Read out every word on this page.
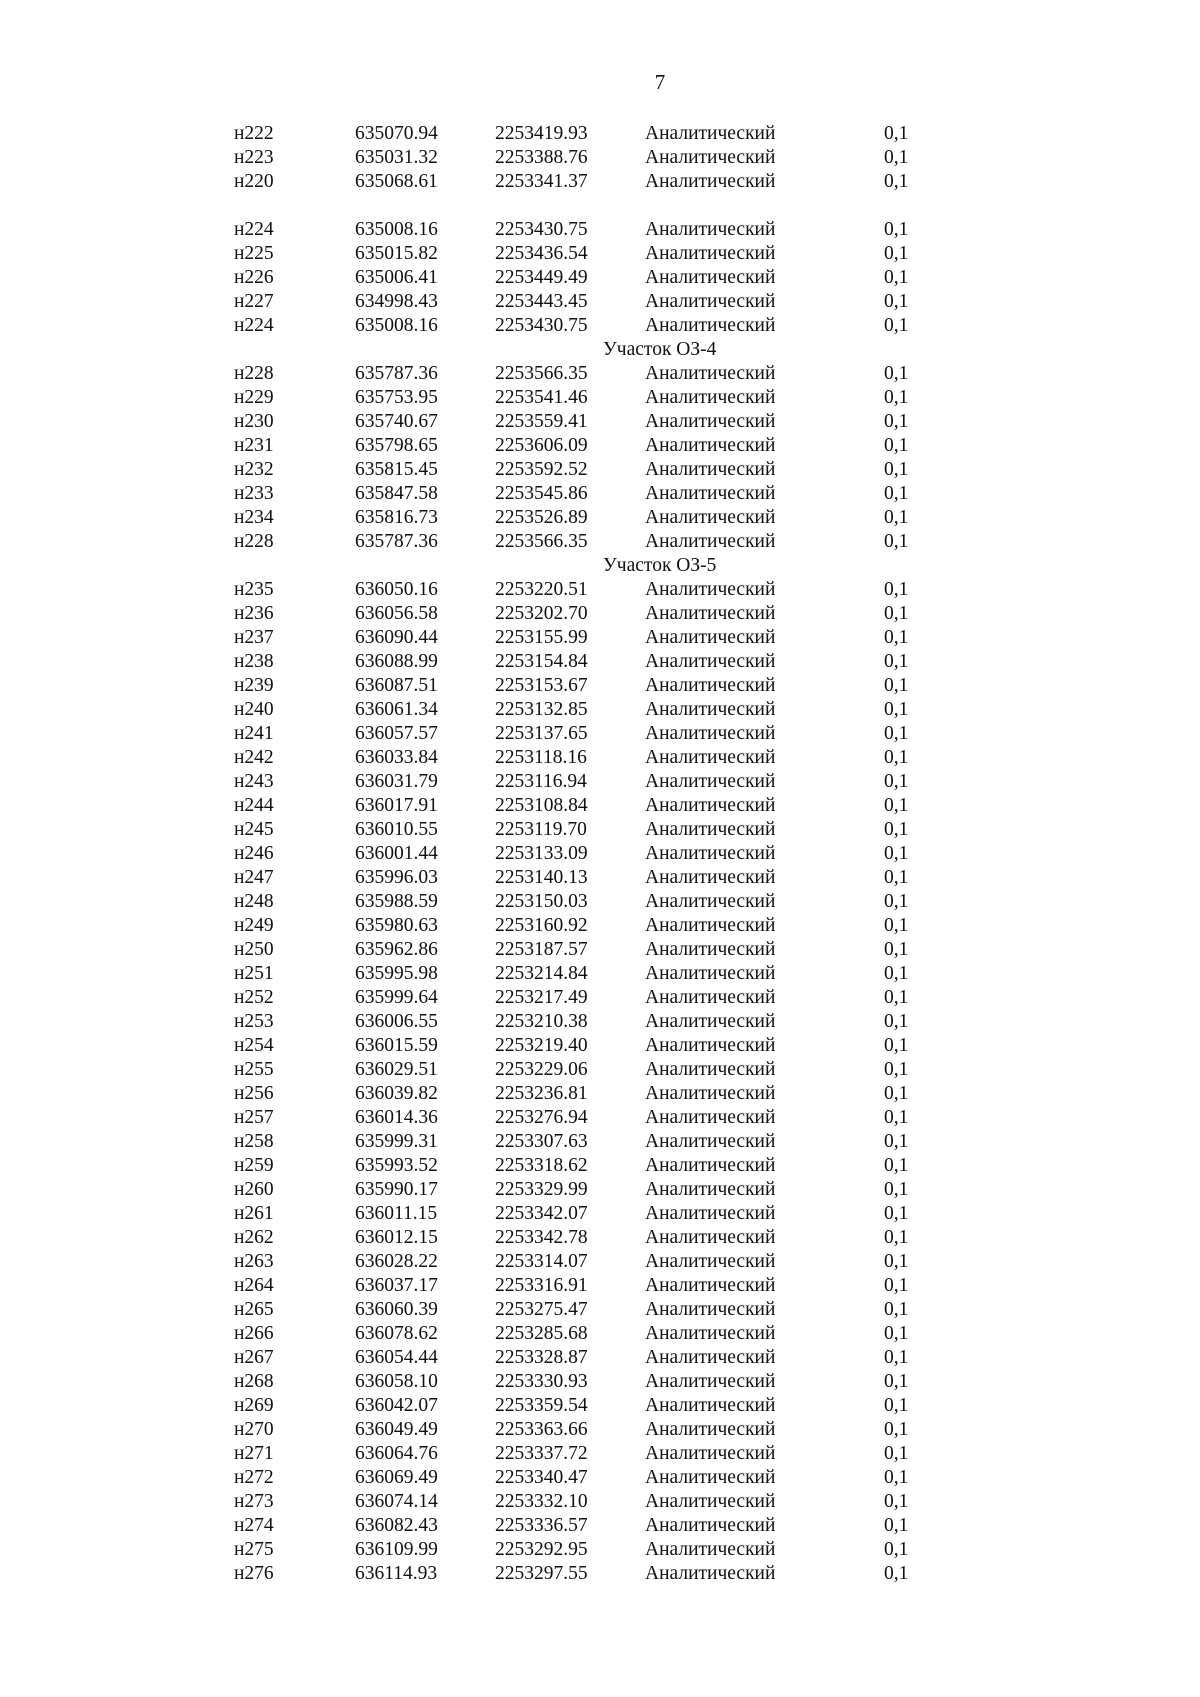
7
н222	635070.94	2253419.93	Аналитический	0,1
н223	635031.32	2253388.76	Аналитический	0,1
н220	635068.61	2253341.37	Аналитический	0,1
н224	635008.16	2253430.75	Аналитический	0,1
н225	635015.82	2253436.54	Аналитический	0,1
н226	635006.41	2253449.49	Аналитический	0,1
н227	634998.43	2253443.45	Аналитический	0,1
н224	635008.16	2253430.75	Аналитический	0,1
Участок ОЗ-4
н228	635787.36	2253566.35	Аналитический	0,1
н229	635753.95	2253541.46	Аналитический	0,1
н230	635740.67	2253559.41	Аналитический	0,1
н231	635798.65	2253606.09	Аналитический	0,1
н232	635815.45	2253592.52	Аналитический	0,1
н233	635847.58	2253545.86	Аналитический	0,1
н234	635816.73	2253526.89	Аналитический	0,1
н228	635787.36	2253566.35	Аналитический	0,1
Участок ОЗ-5
н235	636050.16	2253220.51	Аналитический	0,1
н236	636056.58	2253202.70	Аналитический	0,1
н237	636090.44	2253155.99	Аналитический	0,1
н238	636088.99	2253154.84	Аналитический	0,1
н239	636087.51	2253153.67	Аналитический	0,1
н240	636061.34	2253132.85	Аналитический	0,1
н241	636057.57	2253137.65	Аналитический	0,1
н242	636033.84	2253118.16	Аналитический	0,1
н243	636031.79	2253116.94	Аналитический	0,1
н244	636017.91	2253108.84	Аналитический	0,1
н245	636010.55	2253119.70	Аналитический	0,1
н246	636001.44	2253133.09	Аналитический	0,1
н247	635996.03	2253140.13	Аналитический	0,1
н248	635988.59	2253150.03	Аналитический	0,1
н249	635980.63	2253160.92	Аналитический	0,1
н250	635962.86	2253187.57	Аналитический	0,1
н251	635995.98	2253214.84	Аналитический	0,1
н252	635999.64	2253217.49	Аналитический	0,1
н253	636006.55	2253210.38	Аналитический	0,1
н254	636015.59	2253219.40	Аналитический	0,1
н255	636029.51	2253229.06	Аналитический	0,1
н256	636039.82	2253236.81	Аналитический	0,1
н257	636014.36	2253276.94	Аналитический	0,1
н258	635999.31	2253307.63	Аналитический	0,1
н259	635993.52	2253318.62	Аналитический	0,1
н260	635990.17	2253329.99	Аналитический	0,1
н261	636011.15	2253342.07	Аналитический	0,1
н262	636012.15	2253342.78	Аналитический	0,1
н263	636028.22	2253314.07	Аналитический	0,1
н264	636037.17	2253316.91	Аналитический	0,1
н265	636060.39	2253275.47	Аналитический	0,1
н266	636078.62	2253285.68	Аналитический	0,1
н267	636054.44	2253328.87	Аналитический	0,1
н268	636058.10	2253330.93	Аналитический	0,1
н269	636042.07	2253359.54	Аналитический	0,1
н270	636049.49	2253363.66	Аналитический	0,1
н271	636064.76	2253337.72	Аналитический	0,1
н272	636069.49	2253340.47	Аналитический	0,1
н273	636074.14	2253332.10	Аналитический	0,1
н274	636082.43	2253336.57	Аналитический	0,1
н275	636109.99	2253292.95	Аналитический	0,1
н276	636114.93	2253297.55	Аналитический	0,1
